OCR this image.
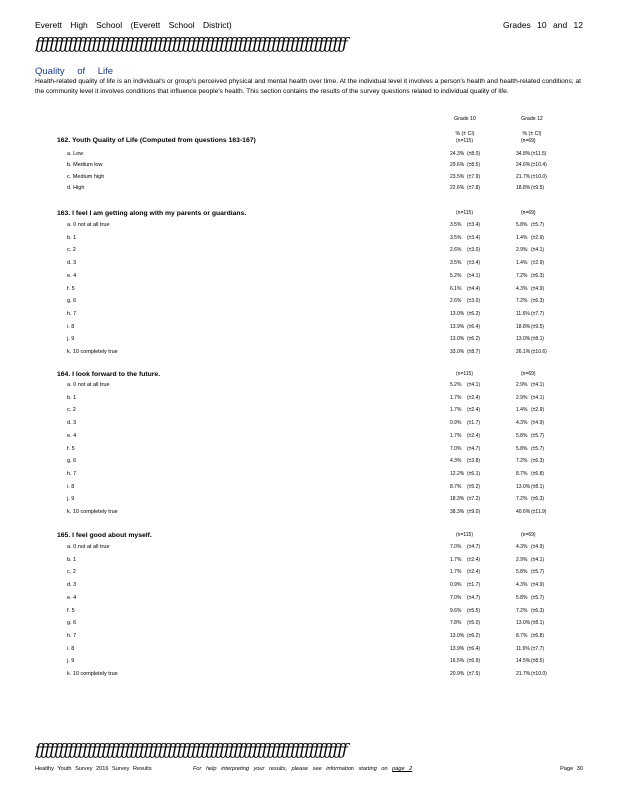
Everett High School (Everett School District)	Grades 10 and 12
ƒƒƒƒƒƒƒƒƒƒƒƒƒƒƒƒƒƒƒƒƒƒƒƒƒƒƒƒƒƒƒƒƒƒƒƒƒƒƒƒƒƒƒƒƒƒƒƒƒƒƒƒƒƒƒƒƒƒƒƒƒƒƒƒƒƒ
Quality of Life
Health-related quality of life is an individual's or group's perceived physical and mental health over time. At the individual level it involves a person's health and health-related conditions; at the community level it involves conditions that influence people's health. This section contains the results of the survey questions related to individual quality of life.
Grade 10	Grade 12
% (± CI)	% (± CI)
162. Youth Quality of Life (Computed from questions 163-167)	(n=115)	(n=69)
a. Low	24.3% (±8.0)	34.8% (±11.5)
b. Medium low	29.6% (±8.5)	24.6% (±10.4)
c. Medium high	23.5% (±7.9)	21.7% (±10.0)
d. High	22.6% (±7.8)	18.8% (±9.5)
163. I feel I am getting along with my parents or guardians.	(n=115)	(n=69)
a. 0 not at all true	3.5% (±3.4)	5.8% (±5.7)
b. 1	3.5% (±3.4)	1.4% (±2.9)
c. 2	2.6% (±3.0)	2.9% (±4.1)
d. 3	3.5% (±3.4)	1.4% (±2.9)
e. 4	5.2% (±4.1)	7.2% (±6.3)
f. 5	6.1% (±4.4)	4.3% (±4.9)
g. 6	2.6% (±3.0)	7.2% (±6.3)
h. 7	13.0% (±6.2)	11.6% (±7.7)
i. 8	13.9% (±6.4)	18.8% (±9.5)
j. 9	13.0% (±6.2)	13.0% (±8.1)
k. 10 completely true	33.0% (±8.7)	26.1% (±10.6)
164. I look forward to the future.	(n=115)	(n=69)
a. 0 not at all true	5.2% (±4.1)	2.9% (±4.1)
b. 1	1.7% (±2.4)	2.9% (±4.1)
c. 2	1.7% (±2.4)	1.4% (±2.9)
d. 3	0.9% (±1.7)	4.3% (±4.9)
e. 4	1.7% (±2.4)	5.8% (±5.7)
f. 5	7.0% (±4.7)	5.8% (±5.7)
g. 6	4.3% (±3.8)	7.2% (±6.3)
h. 7	12.2% (±6.1)	8.7% (±6.8)
i. 8	8.7% (±5.2)	13.0% (±8.1)
j. 9	18.3% (±7.2)	7.2% (±6.3)
k. 10 completely true	38.3% (±9.0)	40.6% (±11.9)
165. I feel good about myself.	(n=115)	(n=69)
a. 0 not at all true	7.0% (±4.7)	4.3% (±4.9)
b. 1	1.7% (±2.4)	2.9% (±4.1)
c. 2	1.7% (±2.4)	5.8% (±5.7)
d. 3	0.9% (±1.7)	4.3% (±4.9)
e. 4	7.0% (±4.7)	5.8% (±5.7)
f. 5	9.6% (±5.5)	7.2% (±6.3)
g. 6	7.8% (±5.0)	13.0% (±8.1)
h. 7	13.0% (±6.2)	8.7% (±6.8)
i. 8	13.9% (±6.4)	11.6% (±7.7)
j. 9	16.5% (±6.9)	14.5% (±8.5)
k. 10 completely true	20.9% (±7.5)	21.7% (±10.0)
ƒƒƒƒƒƒƒƒƒƒƒƒƒƒƒƒƒƒƒƒƒƒƒƒƒƒƒƒƒƒƒƒƒƒƒƒƒƒƒƒƒƒƒƒƒƒƒƒƒƒƒƒƒƒƒƒƒƒƒƒƒƒƒƒƒƒ
Healthy Youth Survey 2016 Survey Results	For help interpreting your results, please see information starting on page 2	Page 30
